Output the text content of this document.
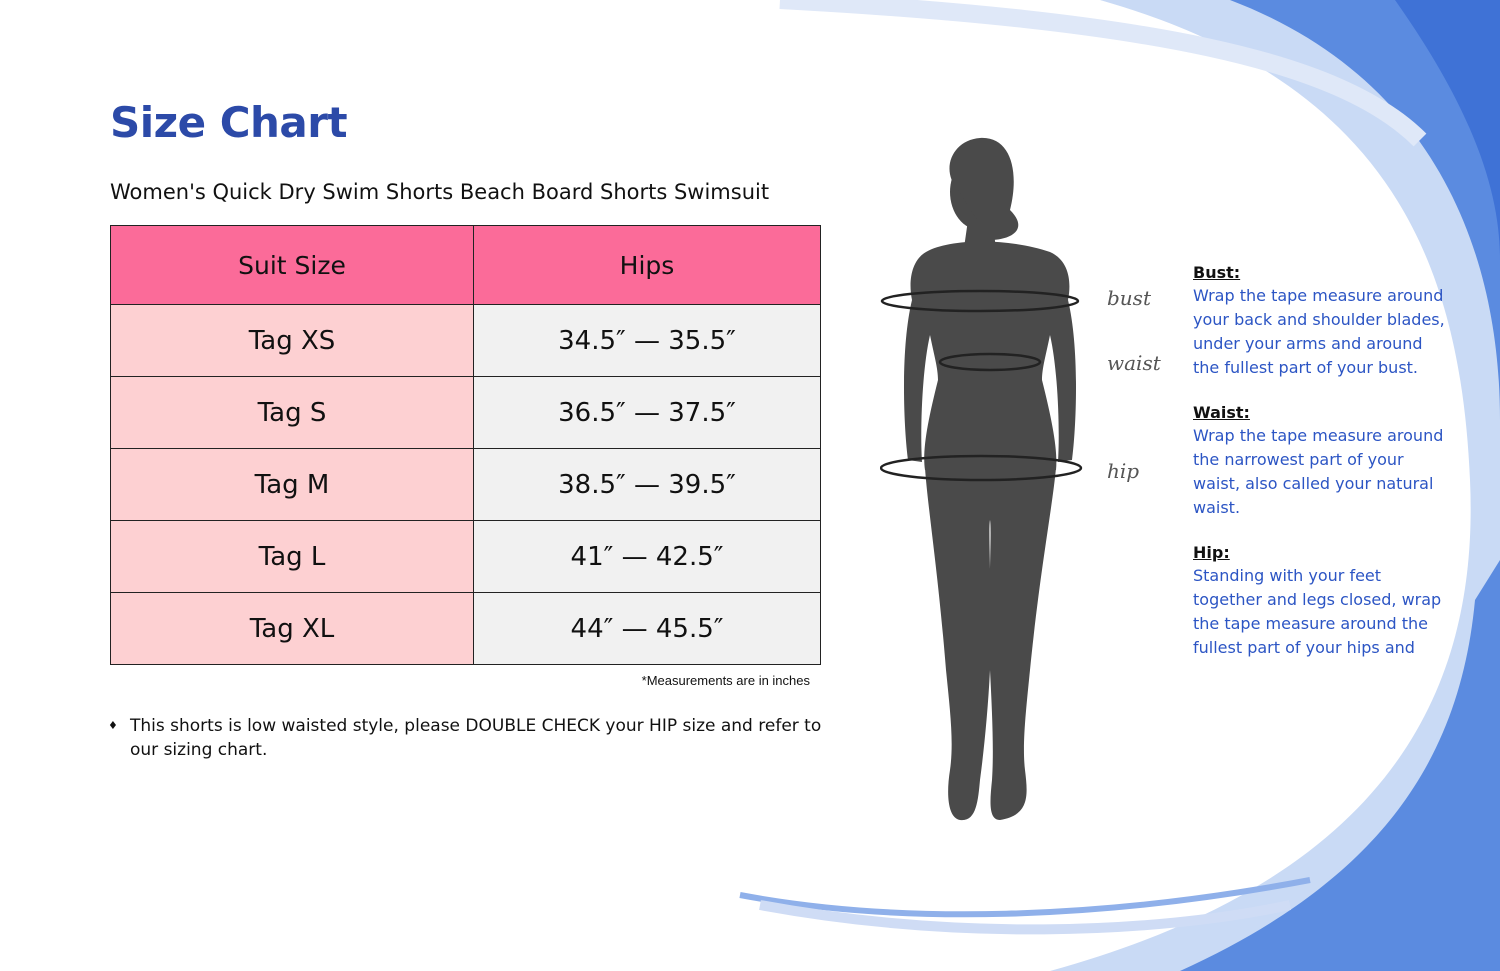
Size Chart
Women's Quick Dry Swim Shorts Beach Board Shorts Swimsuit
Suit Size	Hips
Tag XS	34.5″ — 35.5″
Tag S	36.5″ — 37.5″
Tag M	38.5″ — 39.5″
Tag L	41″ — 42.5″
Tag XL	44″ — 45.5″
*Measurements are in inches
♦ This shorts is low waisted style, please DOUBLE CHECK your HIP size and refer to our sizing chart.
bust
waist
hip
Bust:

Wrap the tape measure around your back and shoulder blades, under your arms and around the fullest part of your bust.

Waist:

Wrap the tape measure around the narrowest part of your waist, also called your natural waist.

Hip:

Standing with your feet together and legs closed, wrap the tape measure around the fullest part of your hips and
